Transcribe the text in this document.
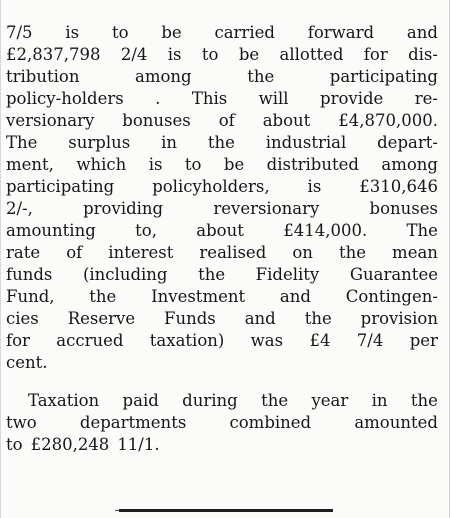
7/5 is to be carried forward and
£2,837,798 2/4 is to be allotted for dis-
tribution	among	the	participating
policy-holders . This will provide re-
versionary bonuses of about £4,870,000.
The surplus in the industrial depart-
ment, which is to be distributed among
participating policyholders, is £310,646
2/-,	providing	reversionary	bonuses
amounting to, about £414,000. The
rate of interest realised on the mean
funds (including the Fidelity Guarantee
Fund, the Investment and Contingen-
cies Reserve Funds and the provision
for accrued taxation) was £4 7/4 per
cent.
Taxation paid during the year in the
two	departments	combined	amounted
to £280,248 11/1.
